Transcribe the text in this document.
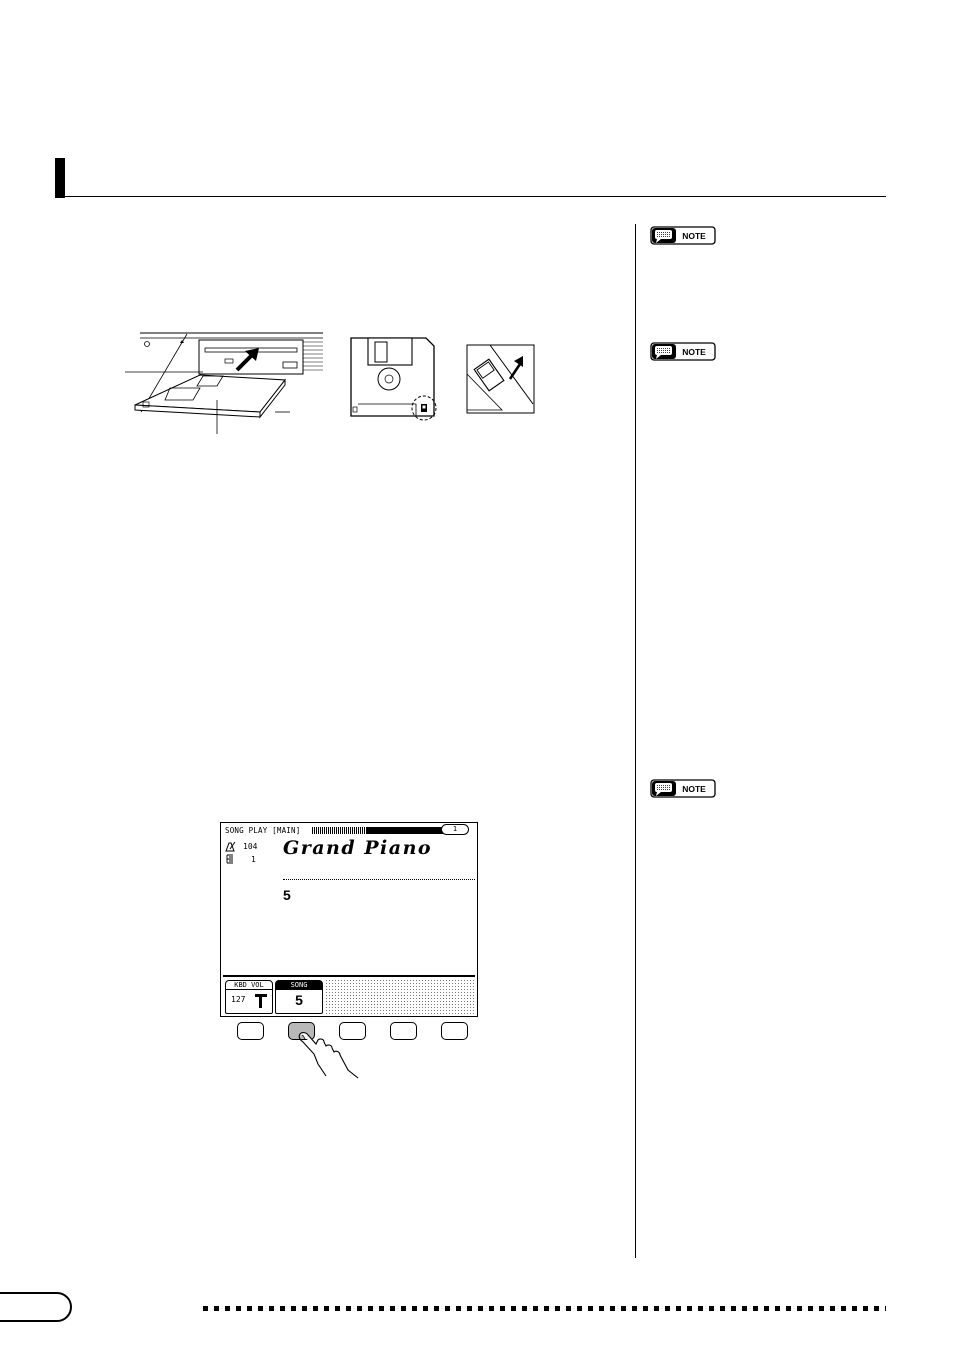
NOTE
NOTE
NOTE
SONG PLAY [MAIN]	1
104
1
Grand Piano
5
KBD VOL
127
SONG
5
